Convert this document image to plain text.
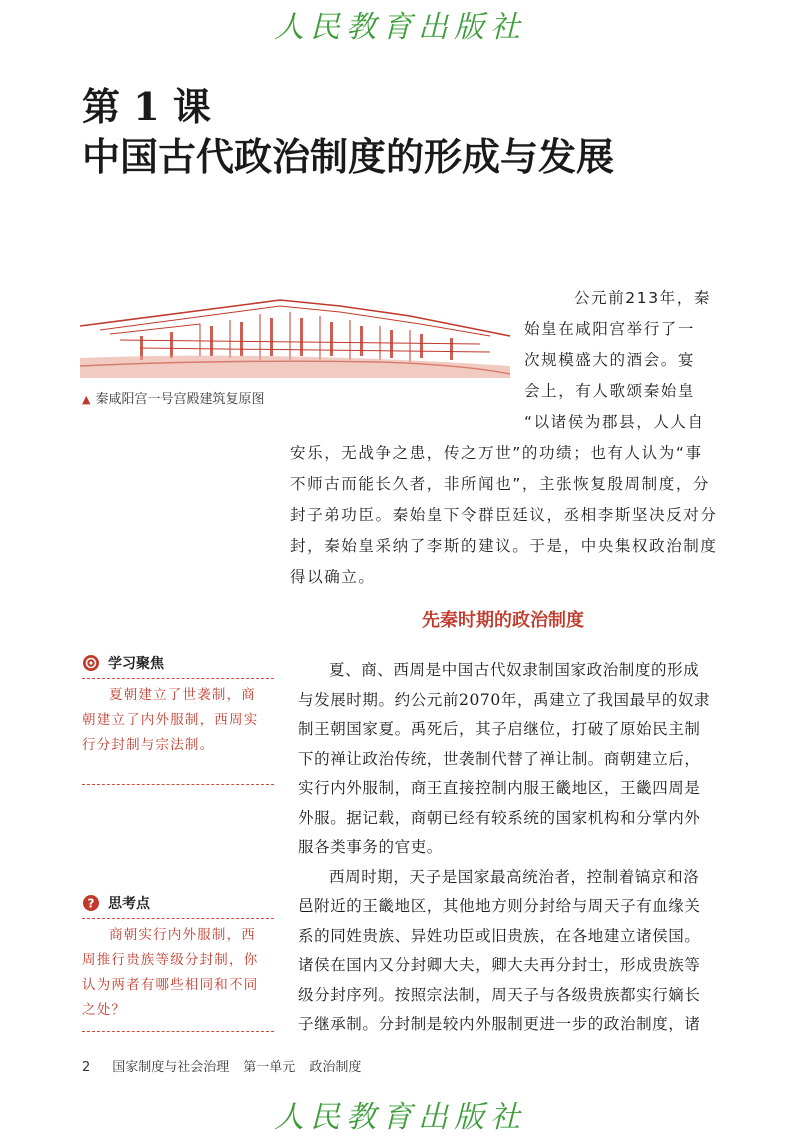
人民教育出版社
第 1 课
中国古代政治制度的形成与发展
▲ 秦咸阳宫一号宫殿建筑复原图
公元前213年，秦
始皇在咸阳宫举行了一
次规模盛大的酒会。宴
会上，有人歌颂秦始皇
“以诸侯为郡县，人人自
安乐，无战争之患，传之万世”的功绩；也有人认为“事
不师古而能长久者，非所闻也”，主张恢复殷周制度，分
封子弟功臣。秦始皇下令群臣廷议，丞相李斯坚决反对分
封，秦始皇采纳了李斯的建议。于是，中央集权政治制度
得以确立。
先秦时期的政治制度
学习聚焦
夏朝建立了世袭制，商
朝建立了内外服制，西周实
行分封制与宗法制。
? 思考点
商朝实行内外服制，西
周推行贵族等级分封制，你
认为两者有哪些相同和不同
之处？
夏、商、西周是中国古代奴隶制国家政治制度的形成
与发展时期。约公元前2070年，禹建立了我国最早的奴隶
制王朝国家夏。禹死后，其子启继位，打破了原始民主制
下的禅让政治传统，世袭制代替了禅让制。商朝建立后，
实行内外服制，商王直接控制内服王畿地区，王畿四周是
外服。据记载，商朝已经有较系统的国家机构和分掌内外
服各类事务的官吏。
西周时期，天子是国家最高统治者，控制着镐京和洛
邑附近的王畿地区，其他地方则分封给与周天子有血缘关
系的同姓贵族、异姓功臣或旧贵族，在各地建立诸侯国。
诸侯在国内又分封卿大夫，卿大夫再分封士，形成贵族等
级分封序列。按照宗法制，周天子与各级贵族都实行嫡长
子继承制。分封制是较内外服制更进一步的政治制度，诸
2 国家制度与社会治理 第一单元 政治制度
人民教育出版社
